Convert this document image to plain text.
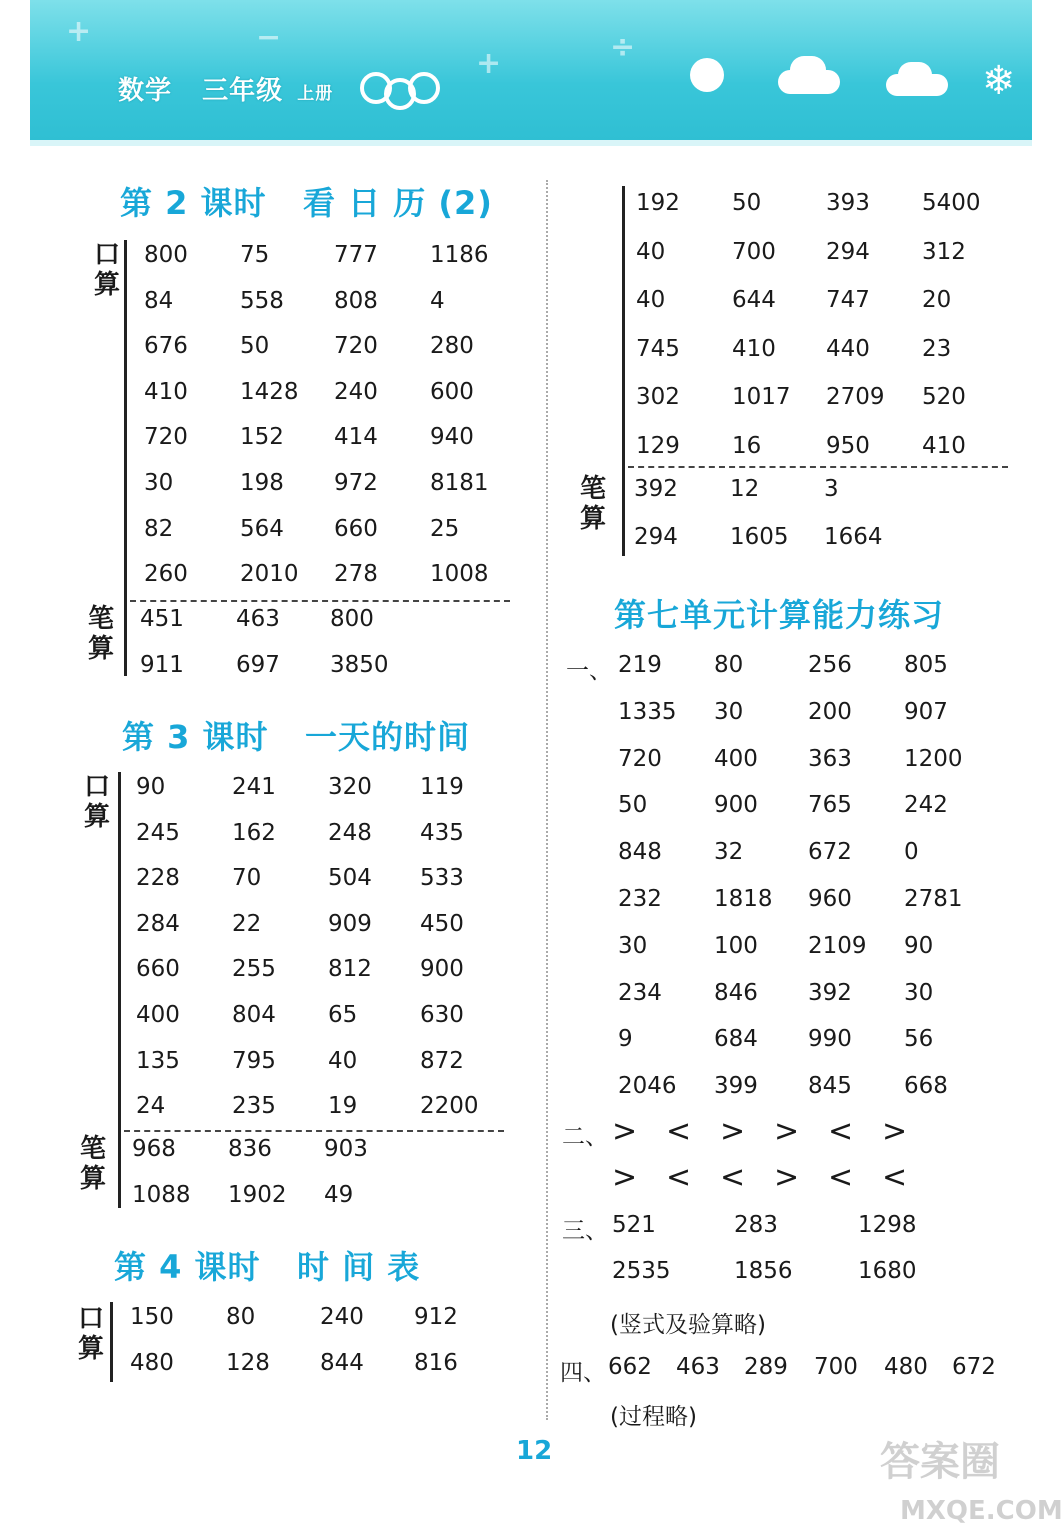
+	−
+	÷
数学 三年级 上册	❄
第 2 课时 看 日 历 (2)
口
算
笔
算
800 75	777 1186
84	558 808 4
676 50	720 280
410 1428 240 600
720 152 414 940
30	198 972 8181
82	564 660 25
260 2010 278 1008
451 463 800
911 697 3850
第 3 课时 一天的时间
口
算
笔
算
90	241 320 119
245 162 248 435
228 70	504 533
284 22	909 450
660 255 812 900
400 804 65	630
135 795 40	872
24	235 19	2200
968 836 903
1088 1902 49
第 4 课时 时 间 表
口
算
150 80	240 912
480 128 844 816
笔
算
192 50	393 5400
40	700 294 312
40	644 747 20
745 410 440 23
302 1017 2709 520
129 16	950 410
392 12	3
294 1605 1664
第七单元计算能力练习
一、 219 80	256 805
1335 30	200 907
720 400 363 1200
50	900 765 242
848 32	672 0
232 1818 960 2781
30	100 2109 90
234 846 392 30
9	684 990 56
2046 399 845 668
二、 > < > > < >
> < < > < <
三、 521	283	1298
2535	1856	1680
(竖式及验算略)
四、 662 463 289 700 480 672
(过程略)
12	答案圈
MXQE.COM
